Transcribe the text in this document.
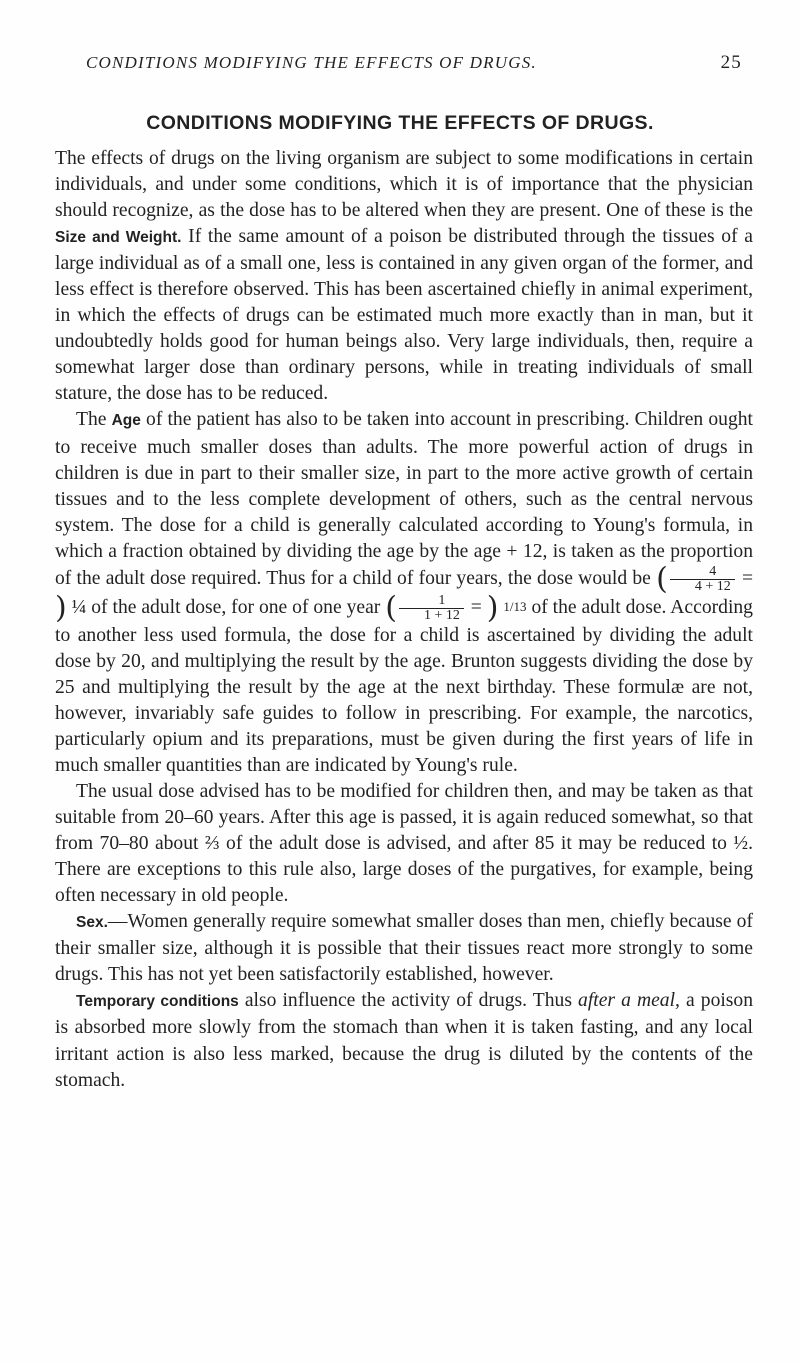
CONDITIONS MODIFYING THE EFFECTS OF DRUGS.	25
CONDITIONS MODIFYING THE EFFECTS OF DRUGS.

The effects of drugs on the living organism are subject to some modifications in certain individuals, and under some conditions, which it is of importance that the physician should recognize, as the dose has to be altered when they are present. One of these is the Size and Weight. If the same amount of a poison be distributed through the tissues of a large individual as of a small one, less is contained in any given organ of the former, and less effect is therefore observed. This has been ascertained chiefly in animal experiment, in which the effects of drugs can be estimated much more exactly than in man, but it undoubtedly holds good for human beings also. Very large individuals, then, require a somewhat larger dose than ordinary persons, while in treating individuals of small stature, the dose has to be reduced.

The Age of the patient has also to be taken into account in prescribing. Children ought to receive much smaller doses than adults. The more powerful action of drugs in children is due in part to their smaller size, in part to the more active growth of certain tissues and to the less complete development of others, such as the central nervous system. The dose for a child is generally calculated according to Young's formula, in which a fraction obtained by dividing the age by the age + 12, is taken as the proportion of the adult dose required. Thus for a child of four years, the dose would be ( $\frac{4}{4 + 12}$ = ) ¼ of the adult dose, for one of one year ( $\frac{1}{1 + 12}$ = ) 1/13 of the adult dose. According to another less used formula, the dose for a child is ascertained by dividing the adult dose by 20, and multiplying the result by the age. Brunton suggests dividing the dose by 25 and multiplying the result by the age at the next birthday. These formulæ are not, however, invariably safe guides to follow in prescribing. For example, the narcotics, particularly opium and its preparations, must be given during the first years of life in much smaller quantities than are indicated by Young's rule.

The usual dose advised has to be modified for children then, and may be taken as that suitable from 20–60 years. After this age is passed, it is again reduced somewhat, so that from 70–80 about ⅔ of the adult dose is advised, and after 85 it may be reduced to ½. There are exceptions to this rule also, large doses of the purgatives, for example, being often necessary in old people.

Sex.—Women generally require somewhat smaller doses than men, chiefly because of their smaller size, although it is possible that their tissues react more strongly to some drugs. This has not yet been satisfactorily established, however.

Temporary conditions also influence the activity of drugs. Thus after a meal, a poison is absorbed more slowly from the stomach than when it is taken fasting, and any local irritant action is also less marked, because the drug is diluted by the contents of the stomach.
